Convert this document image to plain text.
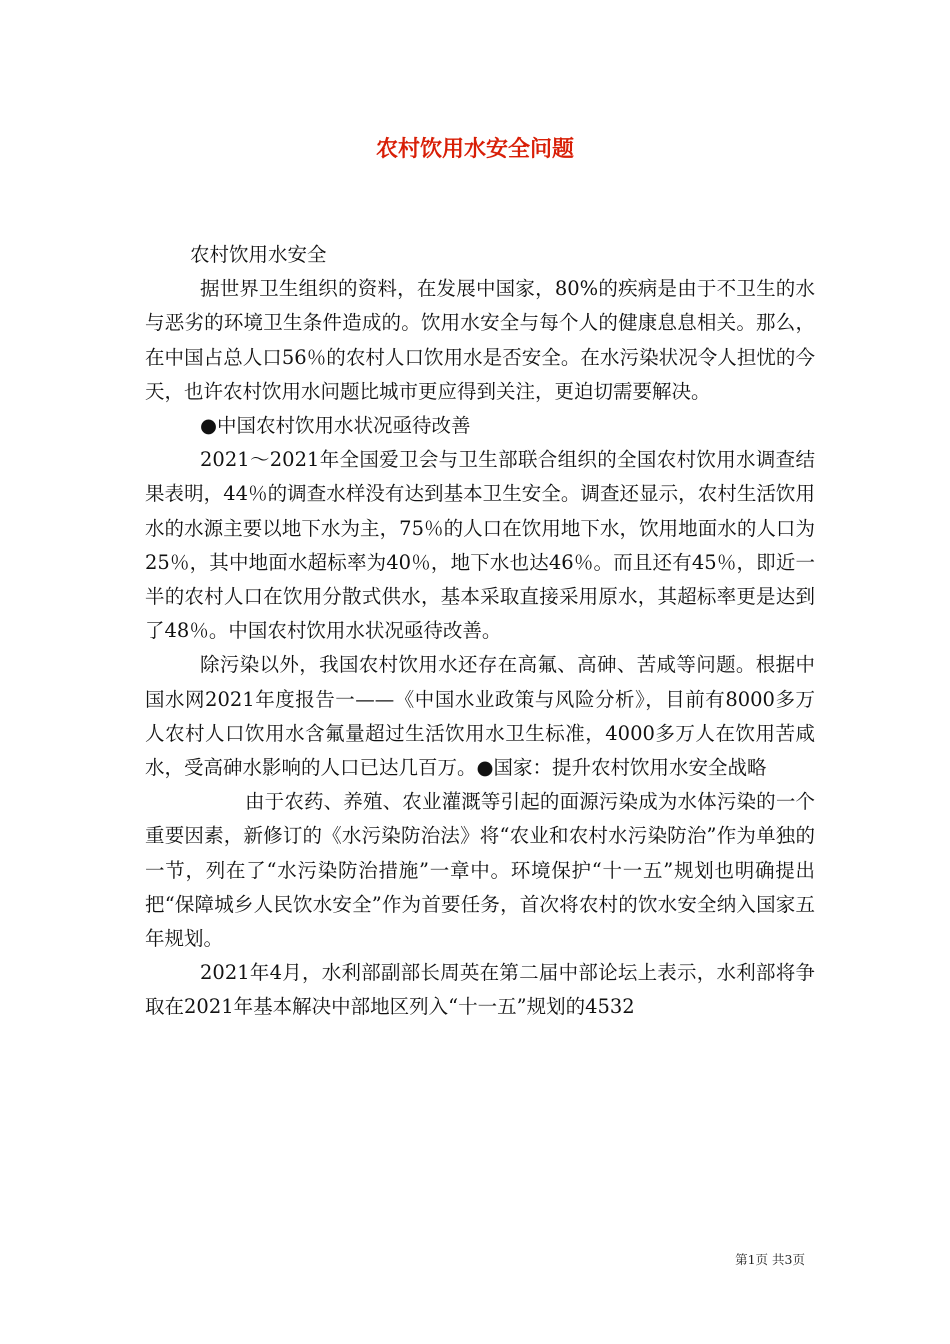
农村饮用水安全问题

农村饮用水安全

据世界卫生组织的资料，在发展中国家，80%的疾病是由于不卫生的水与恶劣的环境卫生条件造成的。饮用水安全与每个人的健康息息相关。那么，在中国占总人口56％的农村人口饮用水是否安全。在水污染状况令人担忧的今天，也许农村饮用水问题比城市更应得到关注，更迫切需要解决。

●中国农村饮用水状况亟待改善

2021～2021年全国爱卫会与卫生部联合组织的全国农村饮用水调查结果表明，44％的调查水样没有达到基本卫生安全。调查还显示，农村生活饮用水的水源主要以地下水为主，75％的人口在饮用地下水，饮用地面水的人口为25％，其中地面水超标率为40％，地下水也达46％。而且还有45％，即近一半的农村人口在饮用分散式供水，基本采取直接采用原水，其超标率更是达到了48％。中国农村饮用水状况亟待改善。

除污染以外，我国农村饮用水还存在高氟、高砷、苦咸等问题。根据中国水网2021年度报告一——《中国水业政策与风险分析》，目前有8000多万人农村人口饮用水含氟量超过生活饮用水卫生标准，4000多万人在饮用苦咸水，受高砷水影响的人口已达几百万。●国家：提升农村饮用水安全战略

由于农药、养殖、农业灌溉等引起的面源污染成为水体污染的一个重要因素，新修订的《水污染防治法》将“农业和农村水污染防治”作为单独的一节，列在了“水污染防治措施”一章中。环境保护“十一五”规划也明确提出把“保障城乡人民饮水安全”作为首要任务，首次将农村的饮水安全纳入国家五年规划。

2021年4月，水利部副部长周英在第二届中部论坛上表示，水利部将争取在2021年基本解决中部地区列入“十一五”规划的4532

第1页 共3页
